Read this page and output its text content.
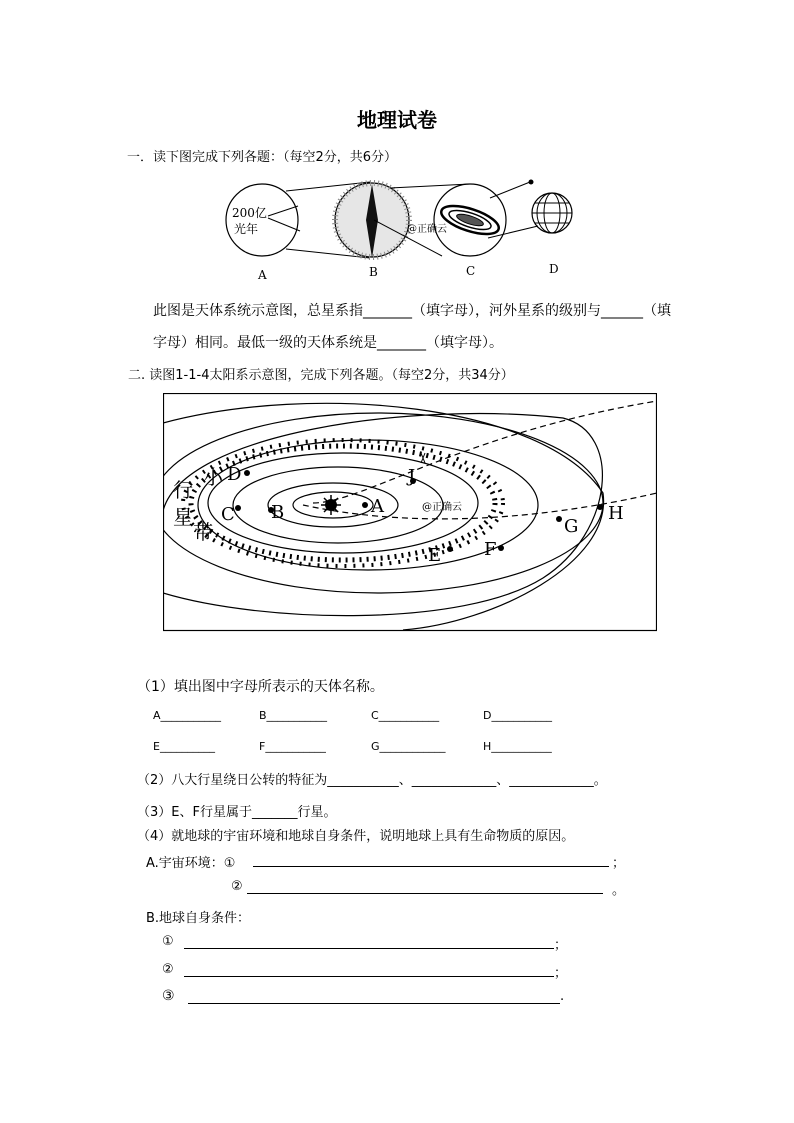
地理试卷
一．读下图完成下列各题：（每空2分，共6分）
200亿
光年	@正确云
A	B	C	D
此图是天体系统示意图，总星系指_______（填字母），河外星系的级别与______（填
字母）相同。最低一级的天体系统是_______（填字母）。
二. 读图1-1-4太阳系示意图，完成下列各题。（每空2分，共34分）
A
B
C
D
E F
G
H
J
小
行
星
带
@正确云
（1）填出图中字母所表示的天体名称。
A___________	B___________	C___________	D___________
E__________	F___________	G____________	H___________
（2）八大行星绕日公转的特征为___________、_____________、_____________。
（3）E、F行星属于_______行星。
（4）就地球的宇宙环境和地球自身条件，说明地球上具有生命物质的原因。
A.宇宙环境：①	；
②	。
B.地球自身条件：
①	；
②	；
③	.
